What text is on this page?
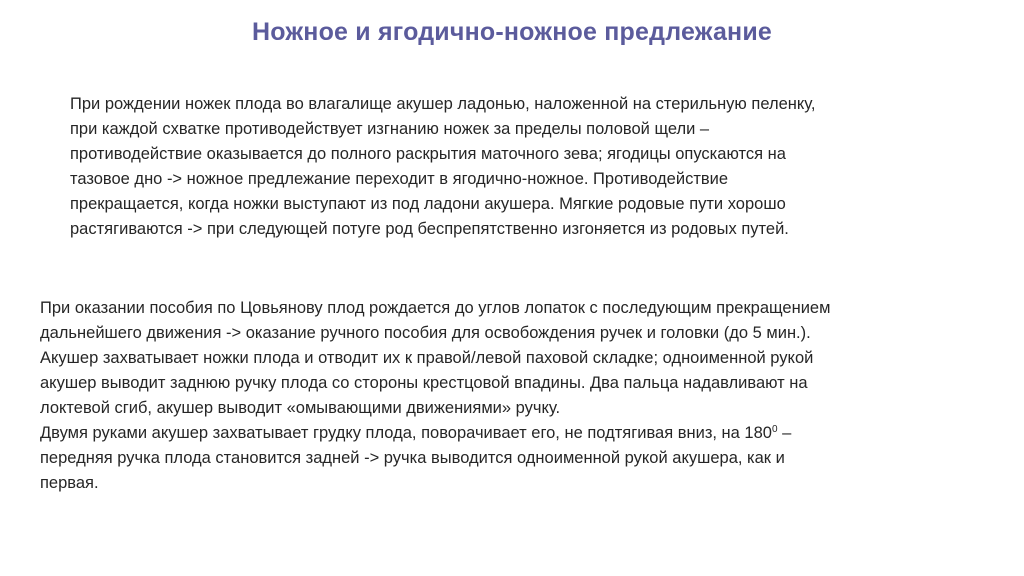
Ножное и ягодично-ножное предлежание

При рождении ножек плода во влагалище акушер ладонью, наложенной на стерильную пеленку,
при каждой схватке противодействует изгнанию ножек за пределы половой щели –
противодействие оказывается до полного раскрытия маточного зева; ягодицы опускаются на
тазовое дно -> ножное предлежание переходит в ягодично-ножное. Противодействие
прекращается, когда ножки выступают из под ладони акушера. Мягкие родовые пути хорошо
растягиваются -> при следующей потуге род беспрепятственно изгоняется из родовых путей.

При оказании пособия по Цовьянову плод рождается до углов лопаток с последующим прекращением
дальнейшего движения -> оказание ручного пособия для освобождения ручек и головки (до 5 мин.).
Акушер захватывает ножки плода и отводит их к правой/левой паховой складке; одноименной рукой
акушер выводит заднюю ручку плода со стороны крестцовой впадины. Два пальца надавливают на
локтевой сгиб, акушер выводит «омывающими движениями» ручку.
Двумя руками акушер захватывает грудку плода, поворачивает его, не подтягивая вниз, на $180^0$ –
передняя ручка плода становится задней -> ручка выводится одноименной рукой акушера, как и
первая.
